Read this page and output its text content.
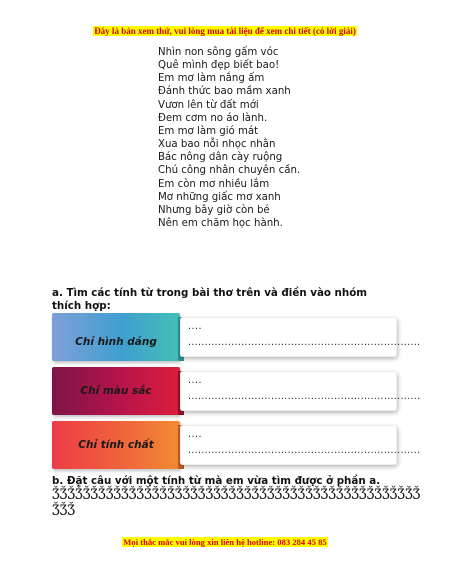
Đây là bản xem thử, vui lòng mua tài liệu để xem chi tiết (có lời giải)
Nhìn non sông gấm vóc
Quê mình đẹp biết bao!
Em mơ làm nắng ấm
Đánh thức bao mầm xanh
Vươn lên từ đất mới
Đem cơm no áo lành.
Em mơ làm gió mát
Xua bao nỗi nhọc nhằn
Bác nông dân cày ruộng
Chú công nhân chuyên cần.
Em còn mơ nhiều lắm
Mơ những giấc mơ xanh
Nhưng bây giờ còn bé
Nên em chăm học hành.
a. Tìm các tính từ trong bài thơ trên và điền vào nhóm thích hợp:
Chỉ hình dáng
....
......................................................................
Chỉ màu sắc
....
......................................................................
Chỉ tính chất
....
......................................................................
b. Đặt câu với một tính từ mà em vừa tìm được ở phần a.
ǮǮǮǮǮǮǮǮǮǮǮǮǮǮǮǮǮǮǮǮǮǮǮǮǮǮǮǮǮǮǮǮǮǮǮǮǮǮǮǮǮǮǮǮǮǮǮǮǮǮǮ
Mọi thắc mắc vui lòng xin liên hệ hotline: 083 284 45 85
